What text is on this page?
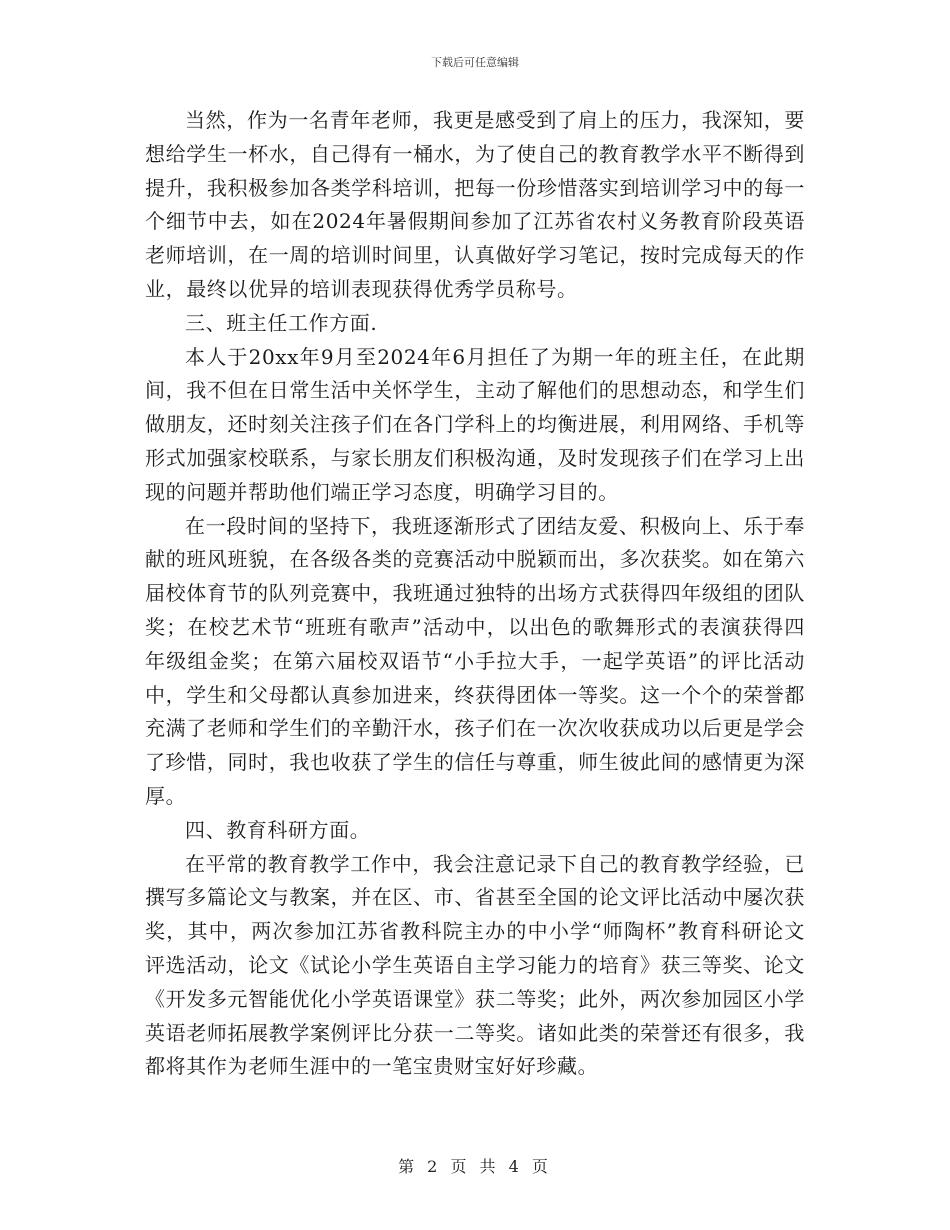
下载后可任意编辑

当然，作为一名青年老师，我更是感受到了肩上的压力，我深知，要想给学生一杯水，自己得有一桶水，为了使自己的教育教学水平不断得到提升，我积极参加各类学科培训，把每一份珍惜落实到培训学习中的每一个细节中去，如在2024年暑假期间参加了江苏省农村义务教育阶段英语老师培训，在一周的培训时间里，认真做好学习笔记，按时完成每天的作业，最终以优异的培训表现获得优秀学员称号。

三、班主任工作方面.

本人于20xx年9月至2024年6月担任了为期一年的班主任，在此期间，我不但在日常生活中关怀学生，主动了解他们的思想动态，和学生们做朋友，还时刻关注孩子们在各门学科上的均衡进展，利用网络、手机等形式加强家校联系，与家长朋友们积极沟通，及时发现孩子们在学习上出现的问题并帮助他们端正学习态度，明确学习目的。

在一段时间的坚持下，我班逐渐形式了团结友爱、积极向上、乐于奉献的班风班貌，在各级各类的竞赛活动中脱颖而出，多次获奖。如在第六届校体育节的队列竞赛中，我班通过独特的出场方式获得四年级组的团队奖；在校艺术节“班班有歌声”活动中，以出色的歌舞形式的表演获得四年级组金奖；在第六届校双语节“小手拉大手，一起学英语”的评比活动中，学生和父母都认真参加进来，终获得团体一等奖。这一个个的荣誉都充满了老师和学生们的辛勤汗水，孩子们在一次次收获成功以后更是学会了珍惜，同时，我也收获了学生的信任与尊重，师生彼此间的感情更为深厚。

四、教育科研方面。

在平常的教育教学工作中，我会注意记录下自己的教育教学经验，已撰写多篇论文与教案，并在区、市、省甚至全国的论文评比活动中屡次获奖，其中，两次参加江苏省教科院主办的中小学“师陶杯”教育科研论文评选活动，论文《试论小学生英语自主学习能力的培育》获三等奖、论文《开发多元智能优化小学英语课堂》获二等奖；此外，两次参加园区小学英语老师拓展教学案例评比分获一二等奖。诸如此类的荣誉还有很多，我都将其作为老师生涯中的一笔宝贵财宝好好珍藏。

第 2 页 共 4 页
